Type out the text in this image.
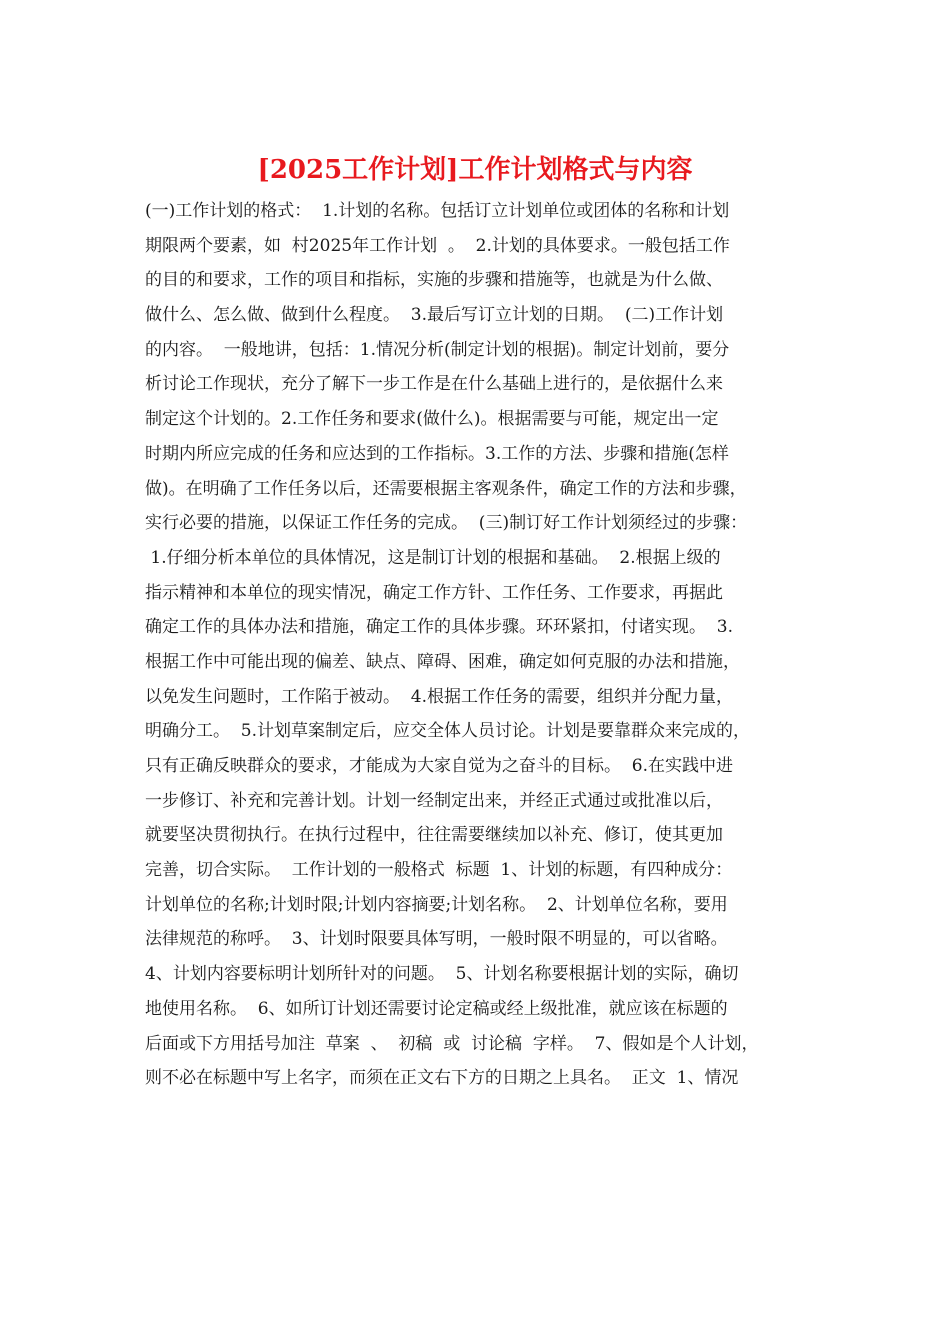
[2025工作计划]工作计划格式与内容
(一)工作计划的格式：  1.计划的名称。包括订立计划单位或团体的名称和计划
期限两个要素，如  村2025年工作计划  。  2.计划的具体要求。一般包括工作
的目的和要求，工作的项目和指标，实施的步骤和措施等，也就是为什么做、
做什么、怎么做、做到什么程度。  3.最后写订立计划的日期。  (二)工作计划
的内容。  一般地讲，包括：1.情况分析(制定计划的根据)。制定计划前，要分
析讨论工作现状，充分了解下一步工作是在什么基础上进行的，是依据什么来
制定这个计划的。2.工作任务和要求(做什么)。根据需要与可能，规定出一定
时期内所应完成的任务和应达到的工作指标。3.工作的方法、步骤和措施(怎样
做)。在明确了工作任务以后，还需要根据主客观条件，确定工作的方法和步骤，
实行必要的措施，以保证工作任务的完成。  (三)制订好工作计划须经过的步骤：
1.仔细分析本单位的具体情况，这是制订计划的根据和基础。  2.根据上级的
指示精神和本单位的现实情况，确定工作方针、工作任务、工作要求，再据此
确定工作的具体办法和措施，确定工作的具体步骤。环环紧扣，付诸实现。  3.
根据工作中可能出现的偏差、缺点、障碍、困难，确定如何克服的办法和措施，
以免发生问题时，工作陷于被动。  4.根据工作任务的需要，组织并分配力量，
明确分工。  5.计划草案制定后，应交全体人员讨论。计划是要靠群众来完成的，
只有正确反映群众的要求，才能成为大家自觉为之奋斗的目标。  6.在实践中进
一步修订、补充和完善计划。计划一经制定出来，并经正式通过或批准以后，
就要坚决贯彻执行。在执行过程中，往往需要继续加以补充、修订，使其更加
完善，切合实际。  工作计划的一般格式  标题  1、计划的标题，有四种成分：
计划单位的名称;计划时限;计划内容摘要;计划名称。  2、计划单位名称，要用
法律规范的称呼。  3、计划时限要具体写明，一般时限不明显的，可以省略。
4、计划内容要标明计划所针对的问题。  5、计划名称要根据计划的实际，确切
地使用名称。  6、如所订计划还需要讨论定稿或经上级批准，就应该在标题的
后面或下方用括号加注  草案  、  初稿  或  讨论稿  字样。  7、假如是个人计划，
则不必在标题中写上名字，而须在正文右下方的日期之上具名。  正文  1、情况
